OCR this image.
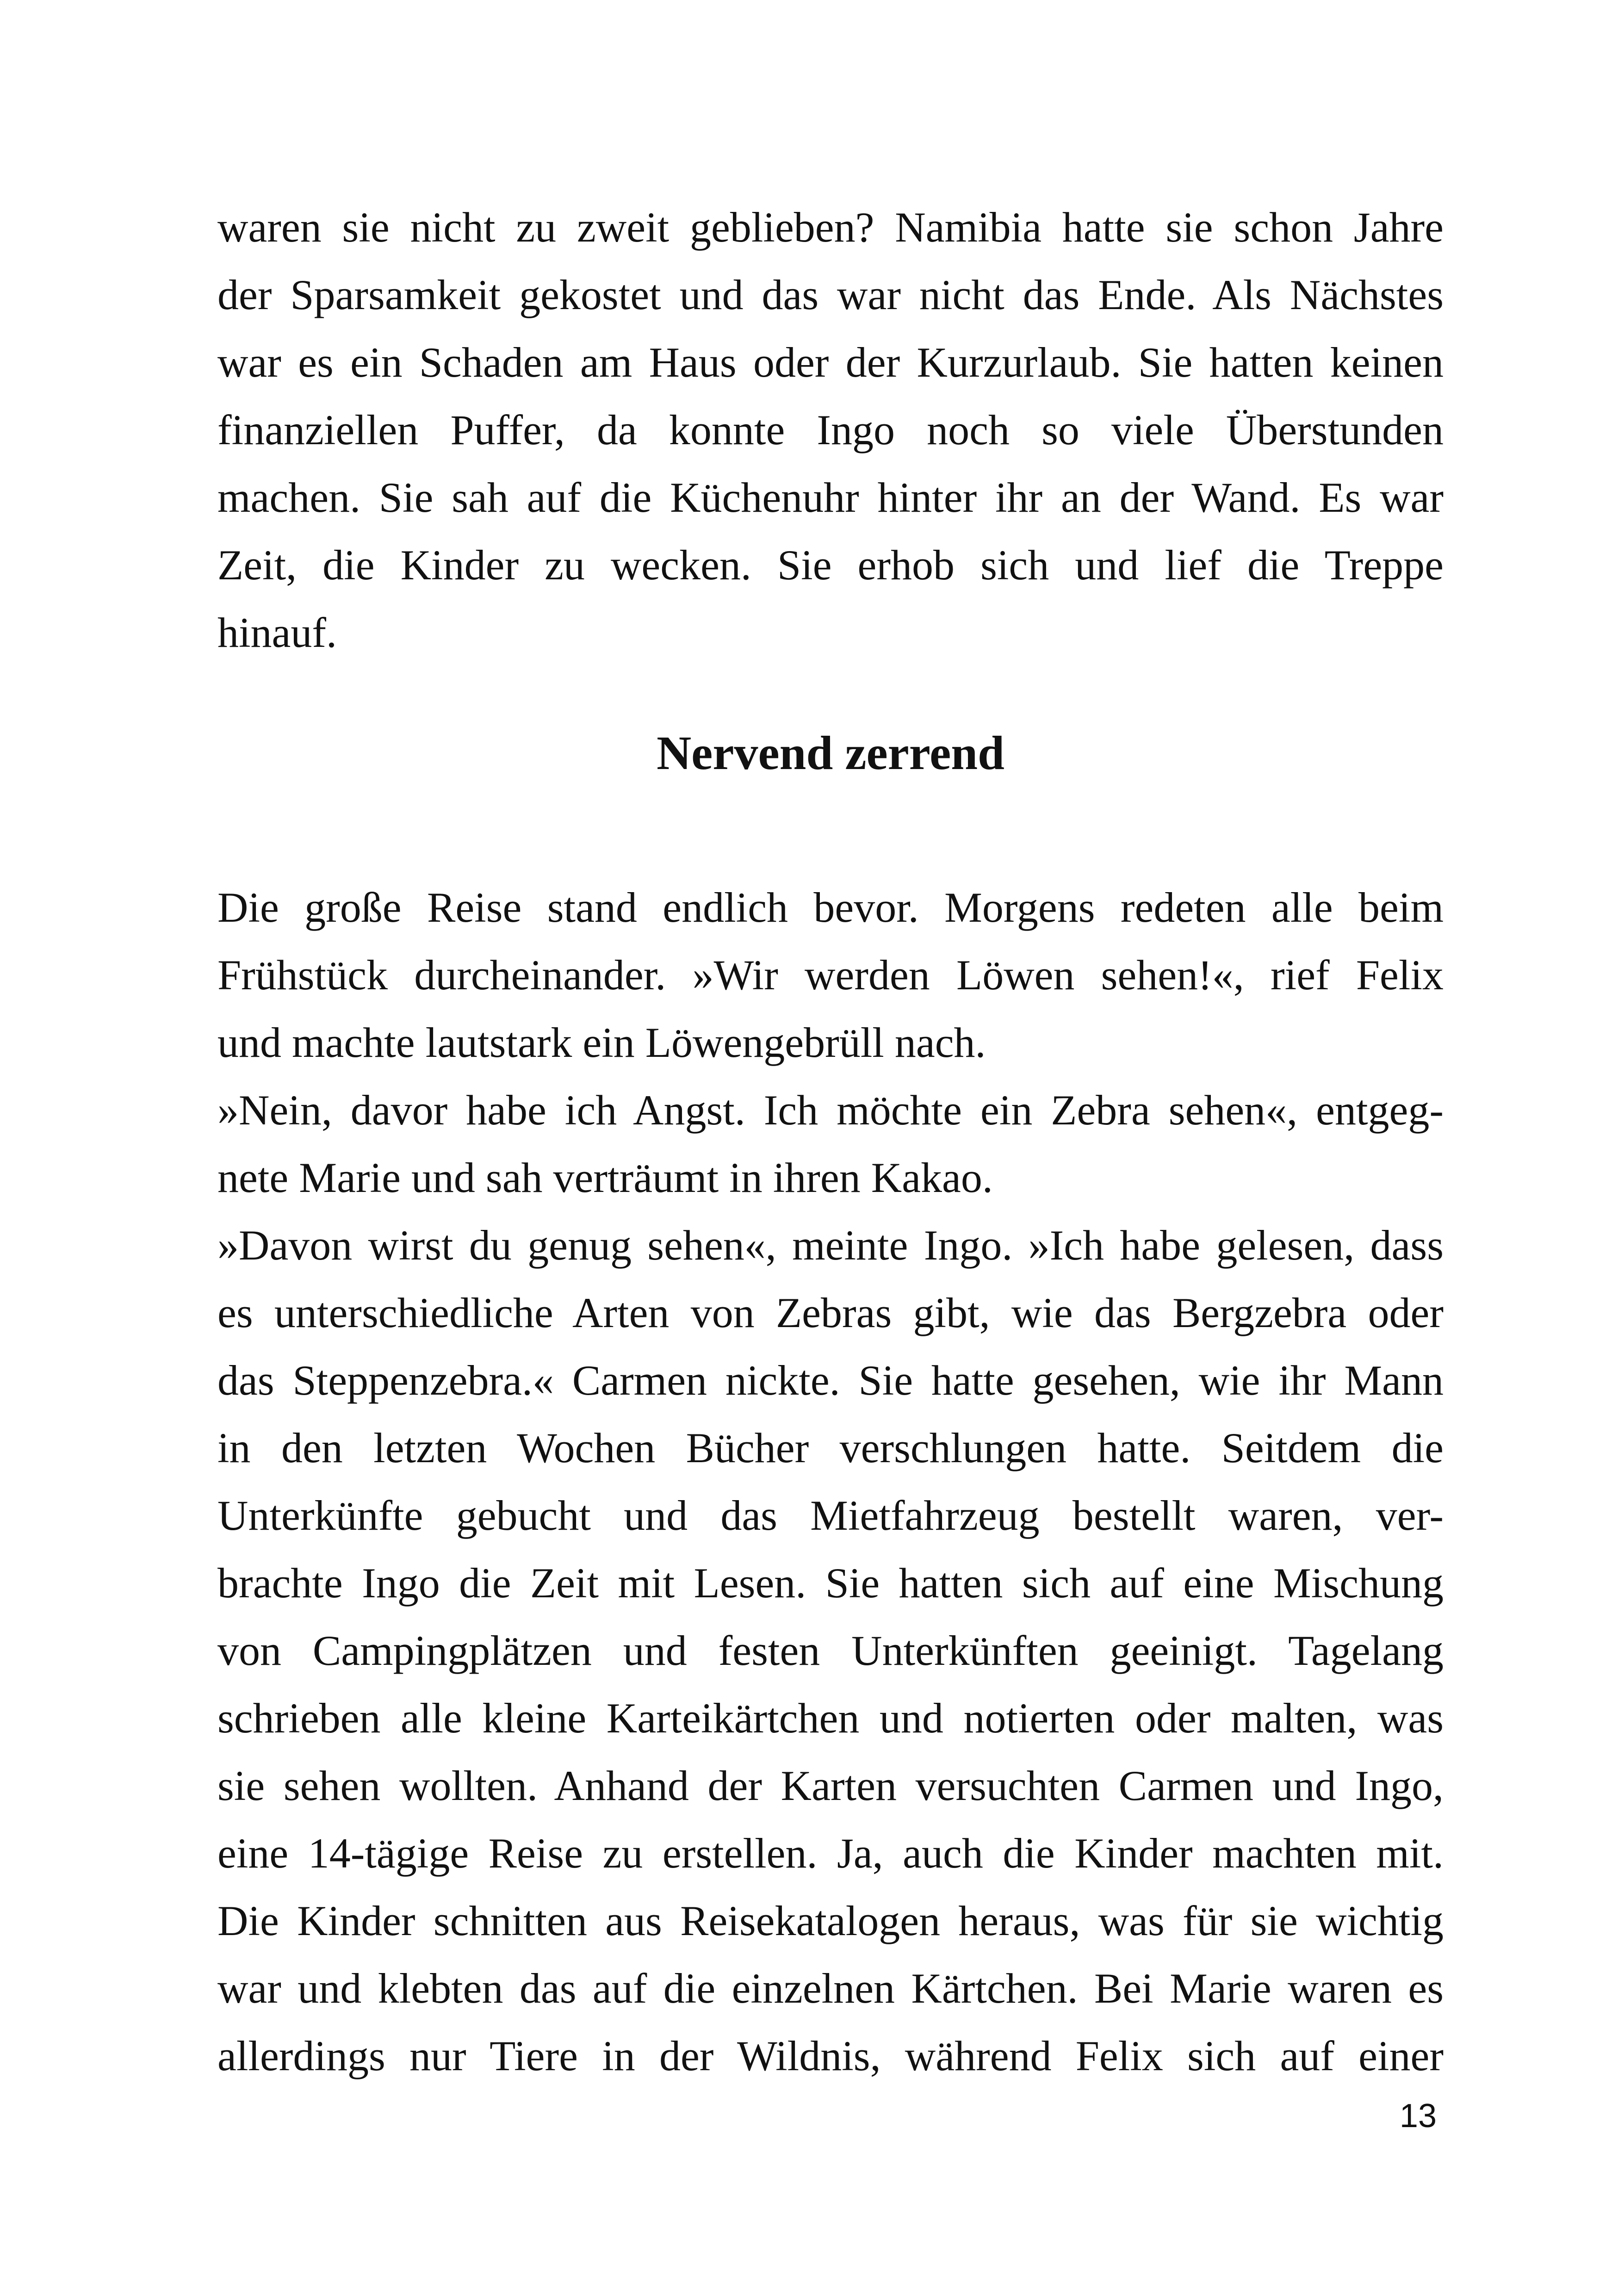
waren sie nicht zu zweit geblieben? Namibia hatte sie schon Jahre
der Sparsamkeit gekostet und das war nicht das Ende. Als Nächstes
war es ein Schaden am Haus oder der Kurzurlaub. Sie hatten keinen
finanziellen Puffer, da konnte Ingo noch so viele Überstunden
machen. Sie sah auf die Küchenuhr hinter ihr an der Wand. Es war
Zeit, die Kinder zu wecken. Sie erhob sich und lief die Treppe
hinauf.
Nervend zerrend
Die große Reise stand endlich bevor. Morgens redeten alle beim
Frühstück durcheinander. »Wir werden Löwen sehen!«, rief Felix
und machte lautstark ein Löwengebrüll nach.
»Nein, davor habe ich Angst. Ich möchte ein Zebra sehen«, entgeg-
nete Marie und sah verträumt in ihren Kakao.
»Davon wirst du genug sehen«, meinte Ingo. »Ich habe gelesen, dass
es unterschiedliche Arten von Zebras gibt, wie das Bergzebra oder
das Steppenzebra.« Carmen nickte. Sie hatte gesehen, wie ihr Mann
in den letzten Wochen Bücher verschlungen hatte. Seitdem die
Unterkünfte gebucht und das Mietfahrzeug bestellt waren, ver-
brachte Ingo die Zeit mit Lesen. Sie hatten sich auf eine Mischung
von Campingplätzen und festen Unterkünften geeinigt. Tagelang
schrieben alle kleine Karteikärtchen und notierten oder malten, was
sie sehen wollten. Anhand der Karten versuchten Carmen und Ingo,
eine 14-tägige Reise zu erstellen. Ja, auch die Kinder machten mit.
Die Kinder schnitten aus Reisekatalogen heraus, was für sie wichtig
war und klebten das auf die einzelnen Kärtchen. Bei Marie waren es
allerdings nur Tiere in der Wildnis, während Felix sich auf einer
13
